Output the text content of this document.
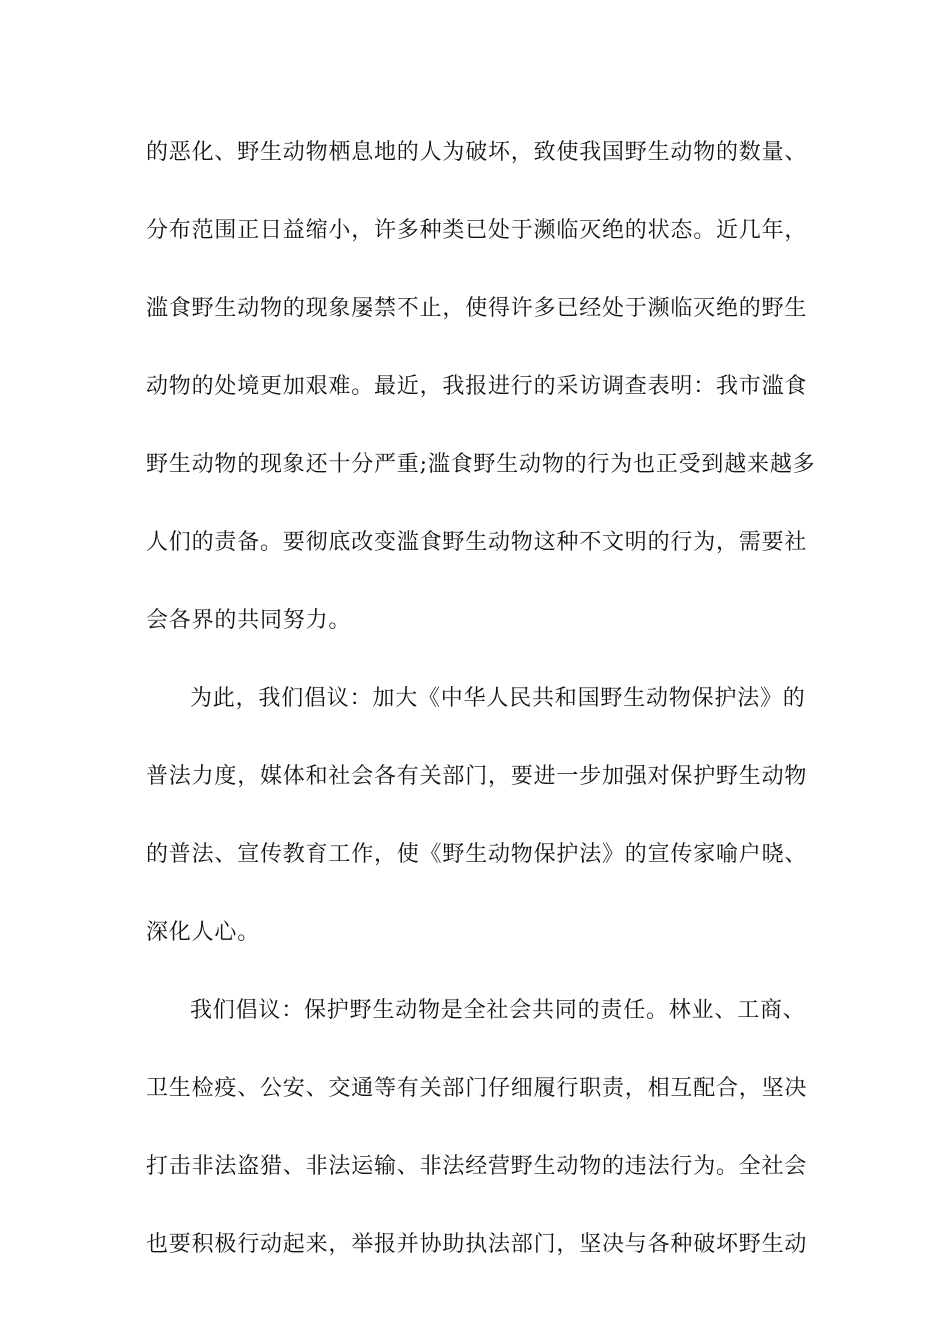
的恶化、野生动物栖息地的人为破坏，致使我国野生动物的数量、
分布范围正日益缩小，许多种类已处于濒临灭绝的状态。近几年，
滥食野生动物的现象屡禁不止，使得许多已经处于濒临灭绝的野生
动物的处境更加艰难。最近，我报进行的采访调查表明：我市滥食
野生动物的现象还十分严重;滥食野生动物的行为也正受到越来越多
人们的责备。要彻底改变滥食野生动物这种不文明的行为，需要社
会各界的共同努力。
为此，我们倡议：加大《中华人民共和国野生动物保护法》的
普法力度，媒体和社会各有关部门，要进一步加强对保护野生动物
的普法、宣传教育工作，使《野生动物保护法》的宣传家喻户晓、
深化人心。
我们倡议：保护野生动物是全社会共同的责任。林业、工商、
卫生检疫、公安、交通等有关部门仔细履行职责，相互配合，坚决
打击非法盗猎、非法运输、非法经营野生动物的违法行为。全社会
也要积极行动起来，举报并协助执法部门，坚决与各种破坏野生动
